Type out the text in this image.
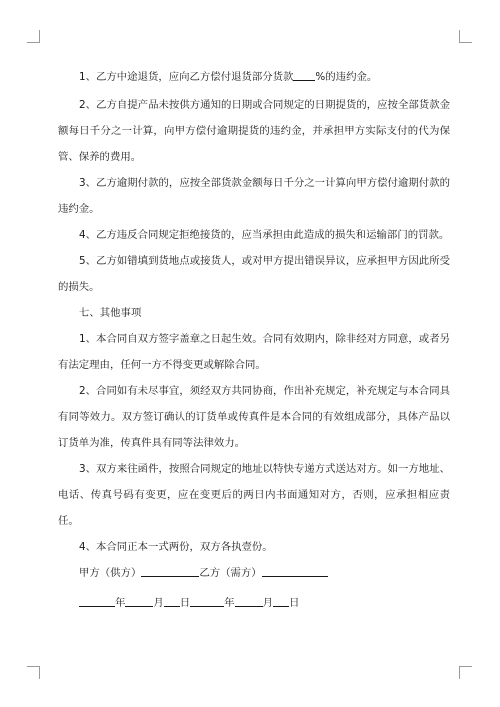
1、乙方中途退货，应向乙方偿付退货部分货款 %的违约金。

2、乙方自提产品未按供方通知的日期或合同规定的日期提货的，应按全部货款金额每日千分之一计算，向甲方偿付逾期提货的违约金，并承担甲方实际支付的代为保管、保养的费用。

3、乙方逾期付款的，应按全部货款金额每日千分之一计算向甲方偿付逾期付款的违约金。

4、乙方违反合同规定拒绝接货的，应当承担由此造成的损失和运输部门的罚款。

5、乙方如错填到货地点或接货人，或对甲方提出错误异议，应承担甲方因此所受的损失。

七、其他事项

1、本合同自双方签字盖章之日起生效。合同有效期内，除非经对方同意，或者另有法定理由，任何一方不得变更或解除合同。

2、合同如有未尽事宜，须经双方共同协商，作出补充规定，补充规定与本合同具有同等效力。双方签订确认的订货单或传真件是本合同的有效组成部分，具体产品以订货单为准，传真件具有同等法律效力。

3、双方来往函件，按照合同规定的地址以特快专递方式送达对方。如一方地址、电话、传真号码有变更，应在变更后的两日内书面通知对方，否则，应承担相应责任。

4、本合同正本一式两份，双方各执壹份。

甲方（供方）	乙方（需方）

年	月 日	年	月 日
